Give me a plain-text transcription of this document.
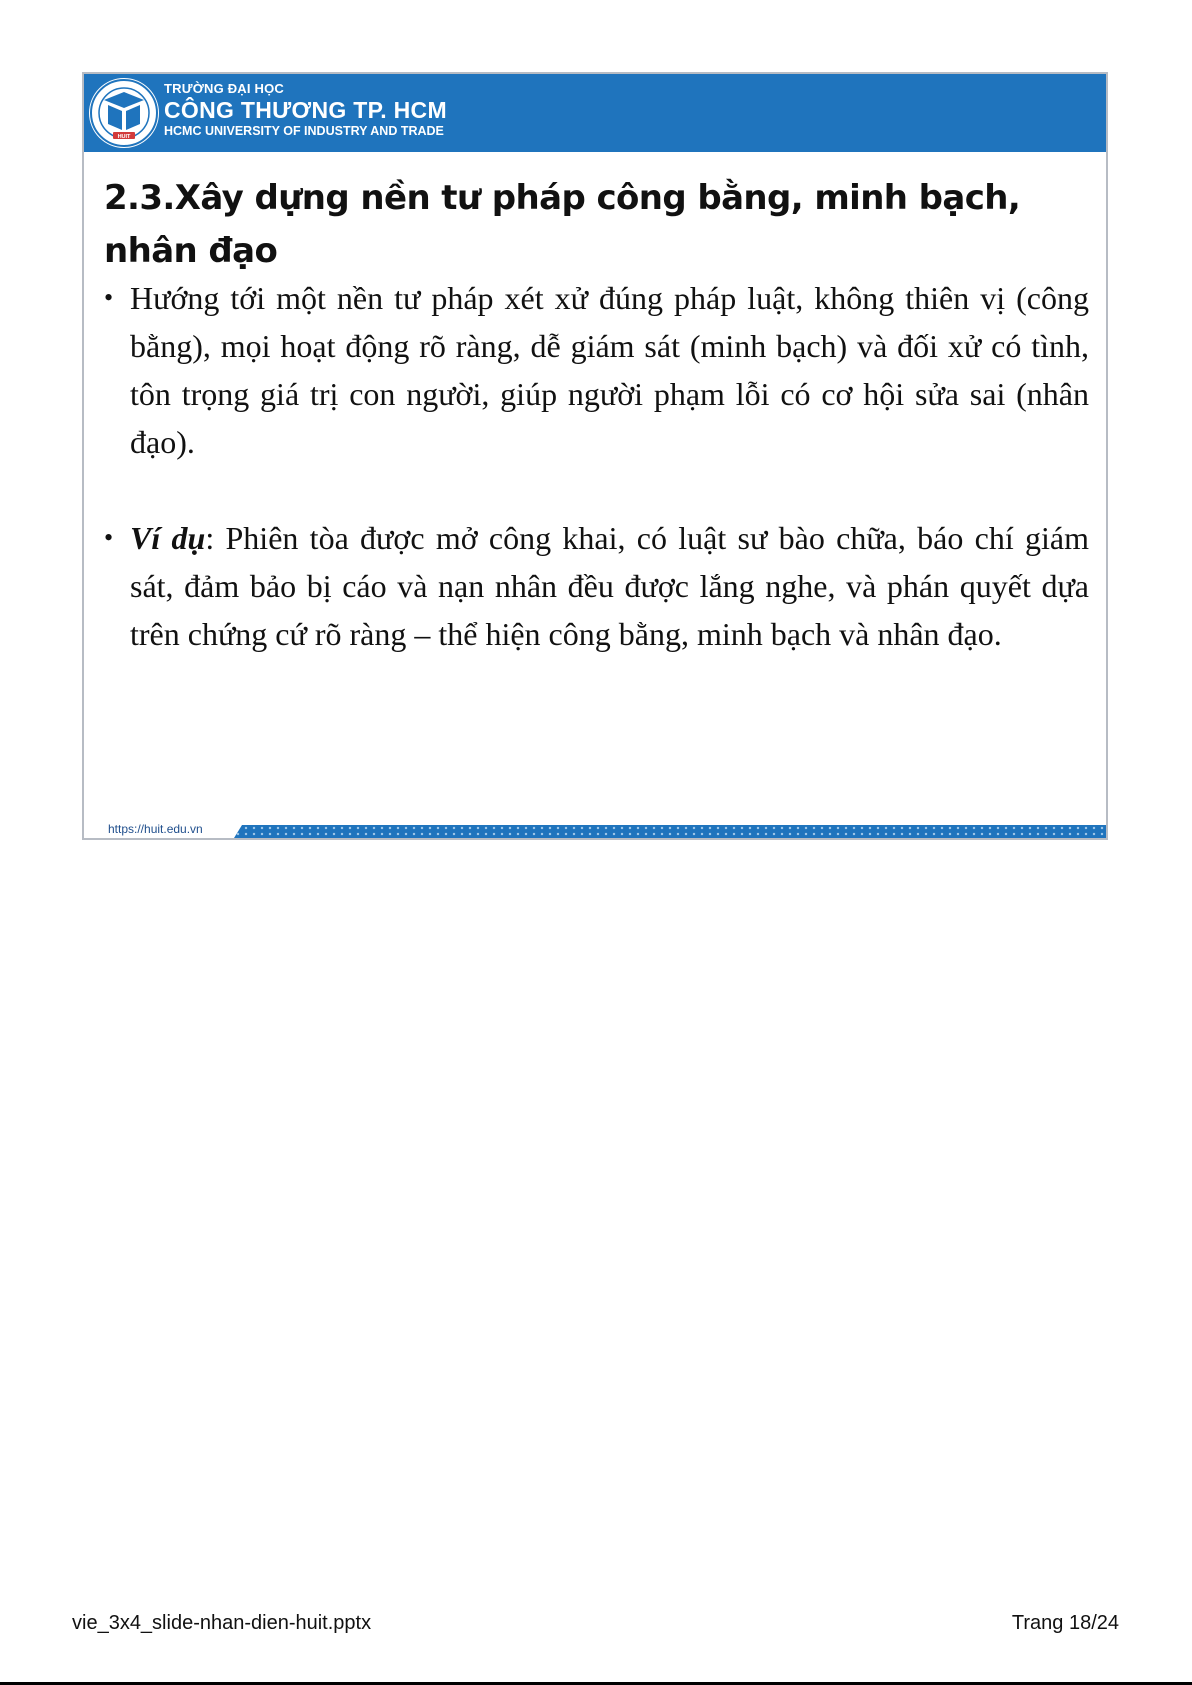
HUIT
TRƯỜNG ĐẠI HỌC
CÔNG THƯƠNG TP. HCM
HCMC UNIVERSITY OF INDUSTRY AND TRADE
2.3.Xây dựng nền tư pháp công bằng, minh bạch, nhân đạo
• Hướng tới một nền tư pháp xét xử đúng pháp luật, không thiên vị (công bằng), mọi hoạt động rõ ràng, dễ giám sát (minh bạch) và đối xử có tình, tôn trọng giá trị con người, giúp người phạm lỗi có cơ hội sửa sai (nhân đạo).
• Ví dụ: Phiên tòa được mở công khai, có luật sư bào chữa, báo chí giám sát, đảm bảo bị cáo và nạn nhân đều được lắng nghe, và phán quyết dựa trên chứng cứ rõ ràng – thể hiện công bằng, minh bạch và nhân đạo.
https://huit.edu.vn
vie_3x4_slide-nhan-dien-huit.pptx	Trang 18/24
